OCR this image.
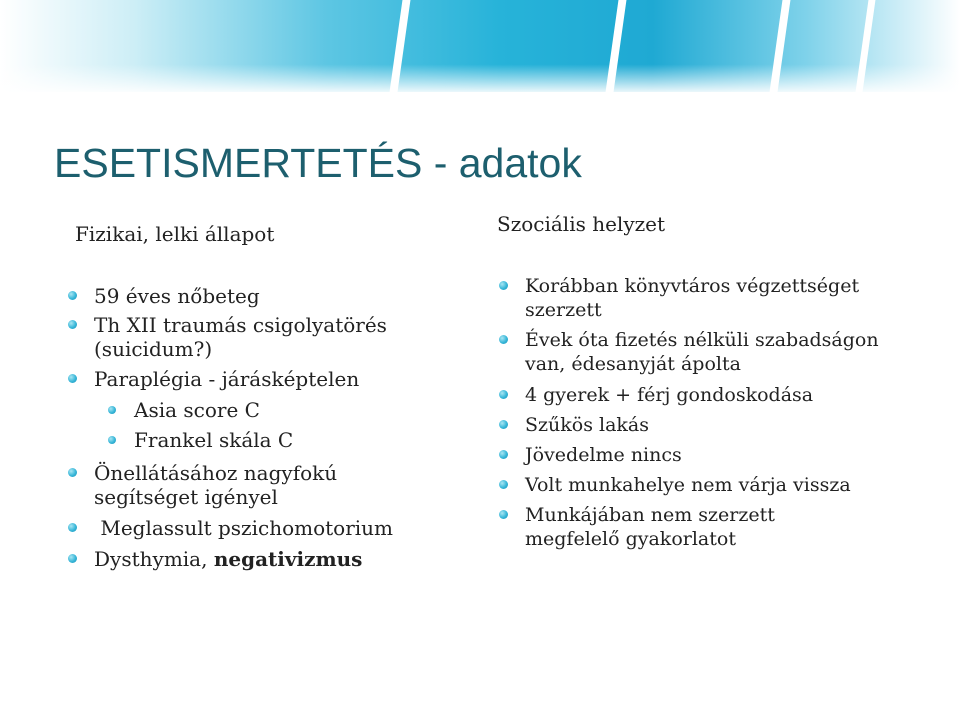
ESETISMERTETÉS - adatok

Fizikai, lelki állapot

59 éves nőbeteg
Th XII traumás csigolyatörés (suicidum?)
Paraplégia - járásképtelen
Asia score C
Frankel skála C
Önellátásához nagyfokú segítséget igényel
Meglassult pszichomotorium
Dysthymia, negativizmus

Szociális helyzet

Korábban könyvtáros végzettséget szerzett
Évek óta fizetés nélküli szabadságon van, édesanyját ápolta
4 gyerek + férj gondoskodása
Szűkös lakás
Jövedelme nincs
Volt munkahelye nem várja vissza
Munkájában nem szerzett megfelelő gyakorlatot
